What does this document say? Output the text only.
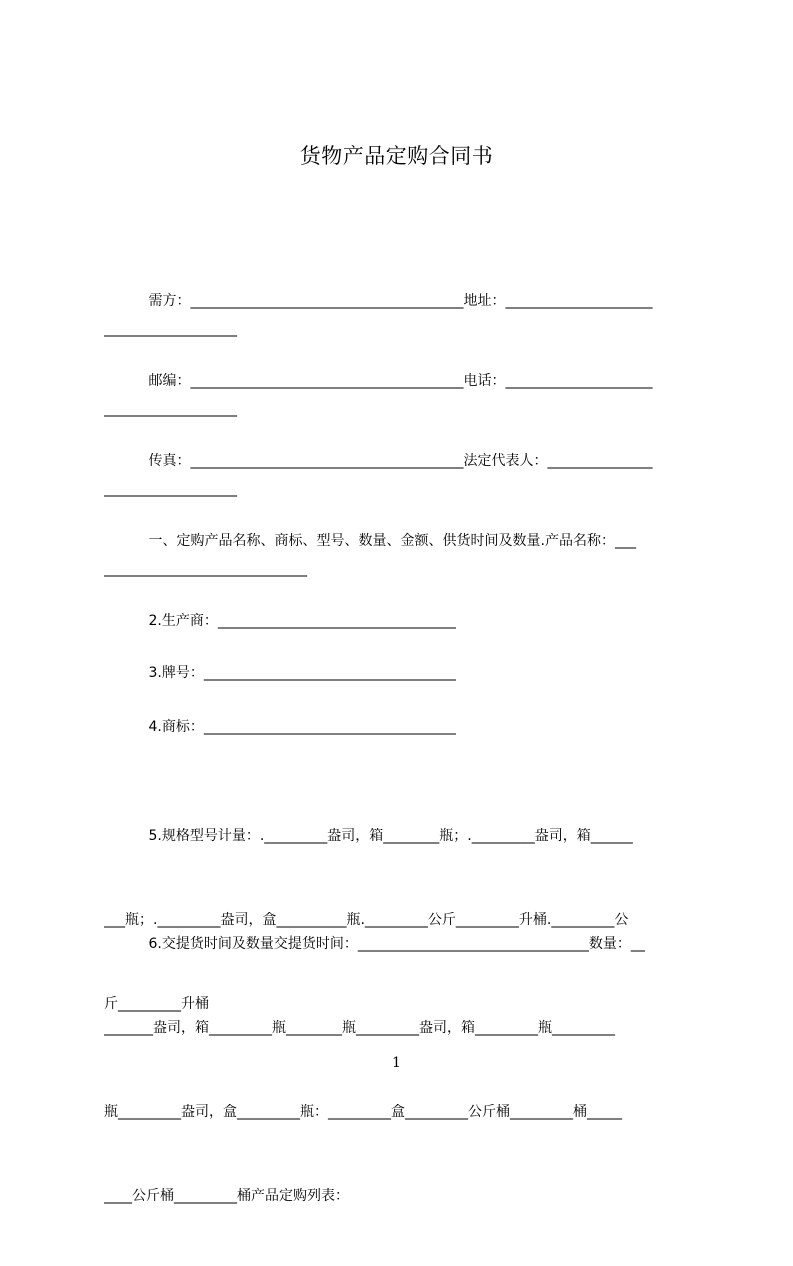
货物产品定购合同书
需方：_______________________________________地址：_____________________
___________________
邮编：_______________________________________电话：_____________________
___________________
传真：_______________________________________法定代表人：_______________
___________________
一、定购产品名称、商标、型号、数量、金额、供货时间及数量.产品名称：___
_____________________________
2.生产商：__________________________________
3.牌号：____________________________________
4.商标：____________________________________

5.规格型号计量：._________盎司，箱________瓶；._________盎司，箱______

___瓶；._________盎司，盒__________瓶._________公斤_________升桶._________公

斤_________升桶

6.交提货时间及数量交提货时间：_________________________________数量：__

_______盎司，箱_________瓶________瓶_________盎司，箱_________瓶_________

瓶_________盎司，盒_________瓶：_________盒_________公斤桶_________桶_____

____公斤桶_________桶产品定购列表：

1
